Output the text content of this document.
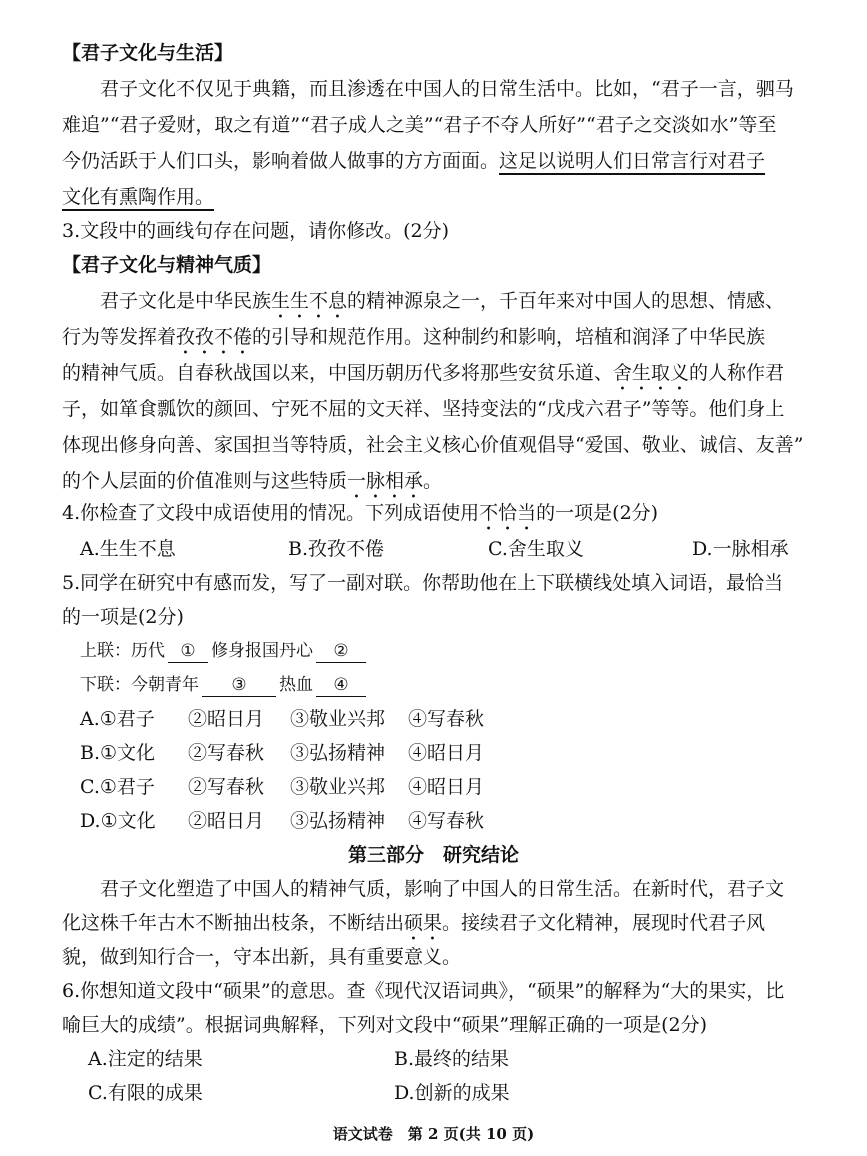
【君子文化与生活】
君子文化不仅见于典籍，而且渗透在中国人的日常生活中。比如，“君子一言，驷马
难追”“君子爱财，取之有道”“君子成人之美”“君子不夺人所好”“君子之交淡如水”等至
今仍活跃于人们口头，影响着做人做事的方方面面。这足以说明人们日常言行对君子
文化有熏陶作用。
3.文段中的画线句存在问题，请你修改。(2分)
【君子文化与精神气质】
君子文化是中华民族生生不息的精神源泉之一，千百年来对中国人的思想、情感、
行为等发挥着孜孜不倦的引导和规范作用。这种制约和影响，培植和润泽了中华民族
的精神气质。自春秋战国以来，中国历朝历代多将那些安贫乐道、舍生取义的人称作君
子，如箪食瓢饮的颜回、宁死不屈的文天祥、坚持变法的“戊戌六君子”等等。他们身上
体现出修身向善、家国担当等特质，社会主义核心价值观倡导“爱国、敬业、诚信、友善”
的个人层面的价值准则与这些特质一脉相承。
4.你检查了文段中成语使用的情况。下列成语使用不恰当的一项是(2分)
A.生生不息	B.孜孜不倦	C.舍生取义	D.一脉相承
5.同学在研究中有感而发，写了一副对联。你帮助他在上下联横线处填入词语，最恰当
的一项是(2分)
上联：历代 ① 修身报国丹心 ②
下联：今朝青年 ③ 热血 ④
A.①君子 ②昭日月 ③敬业兴邦 ④写春秋
B.①文化 ②写春秋 ③弘扬精神 ④昭日月
C.①君子 ②写春秋 ③敬业兴邦 ④昭日月
D.①文化 ②昭日月 ③弘扬精神 ④写春秋
第三部分　研究结论
君子文化塑造了中国人的精神气质，影响了中国人的日常生活。在新时代，君子文
化这株千年古木不断抽出枝条，不断结出硕果。接续君子文化精神，展现时代君子风
貌，做到知行合一，守本出新，具有重要意义。
6.你想知道文段中“硕果”的意思。查《现代汉语词典》，“硕果”的解释为“大的果实，比
喻巨大的成绩”。根据词典解释，下列对文段中“硕果”理解正确的一项是(2分)
A.注定的结果	B.最终的结果
C.有限的成果	D.创新的成果
语文试卷　第 2 页(共 10 页)
